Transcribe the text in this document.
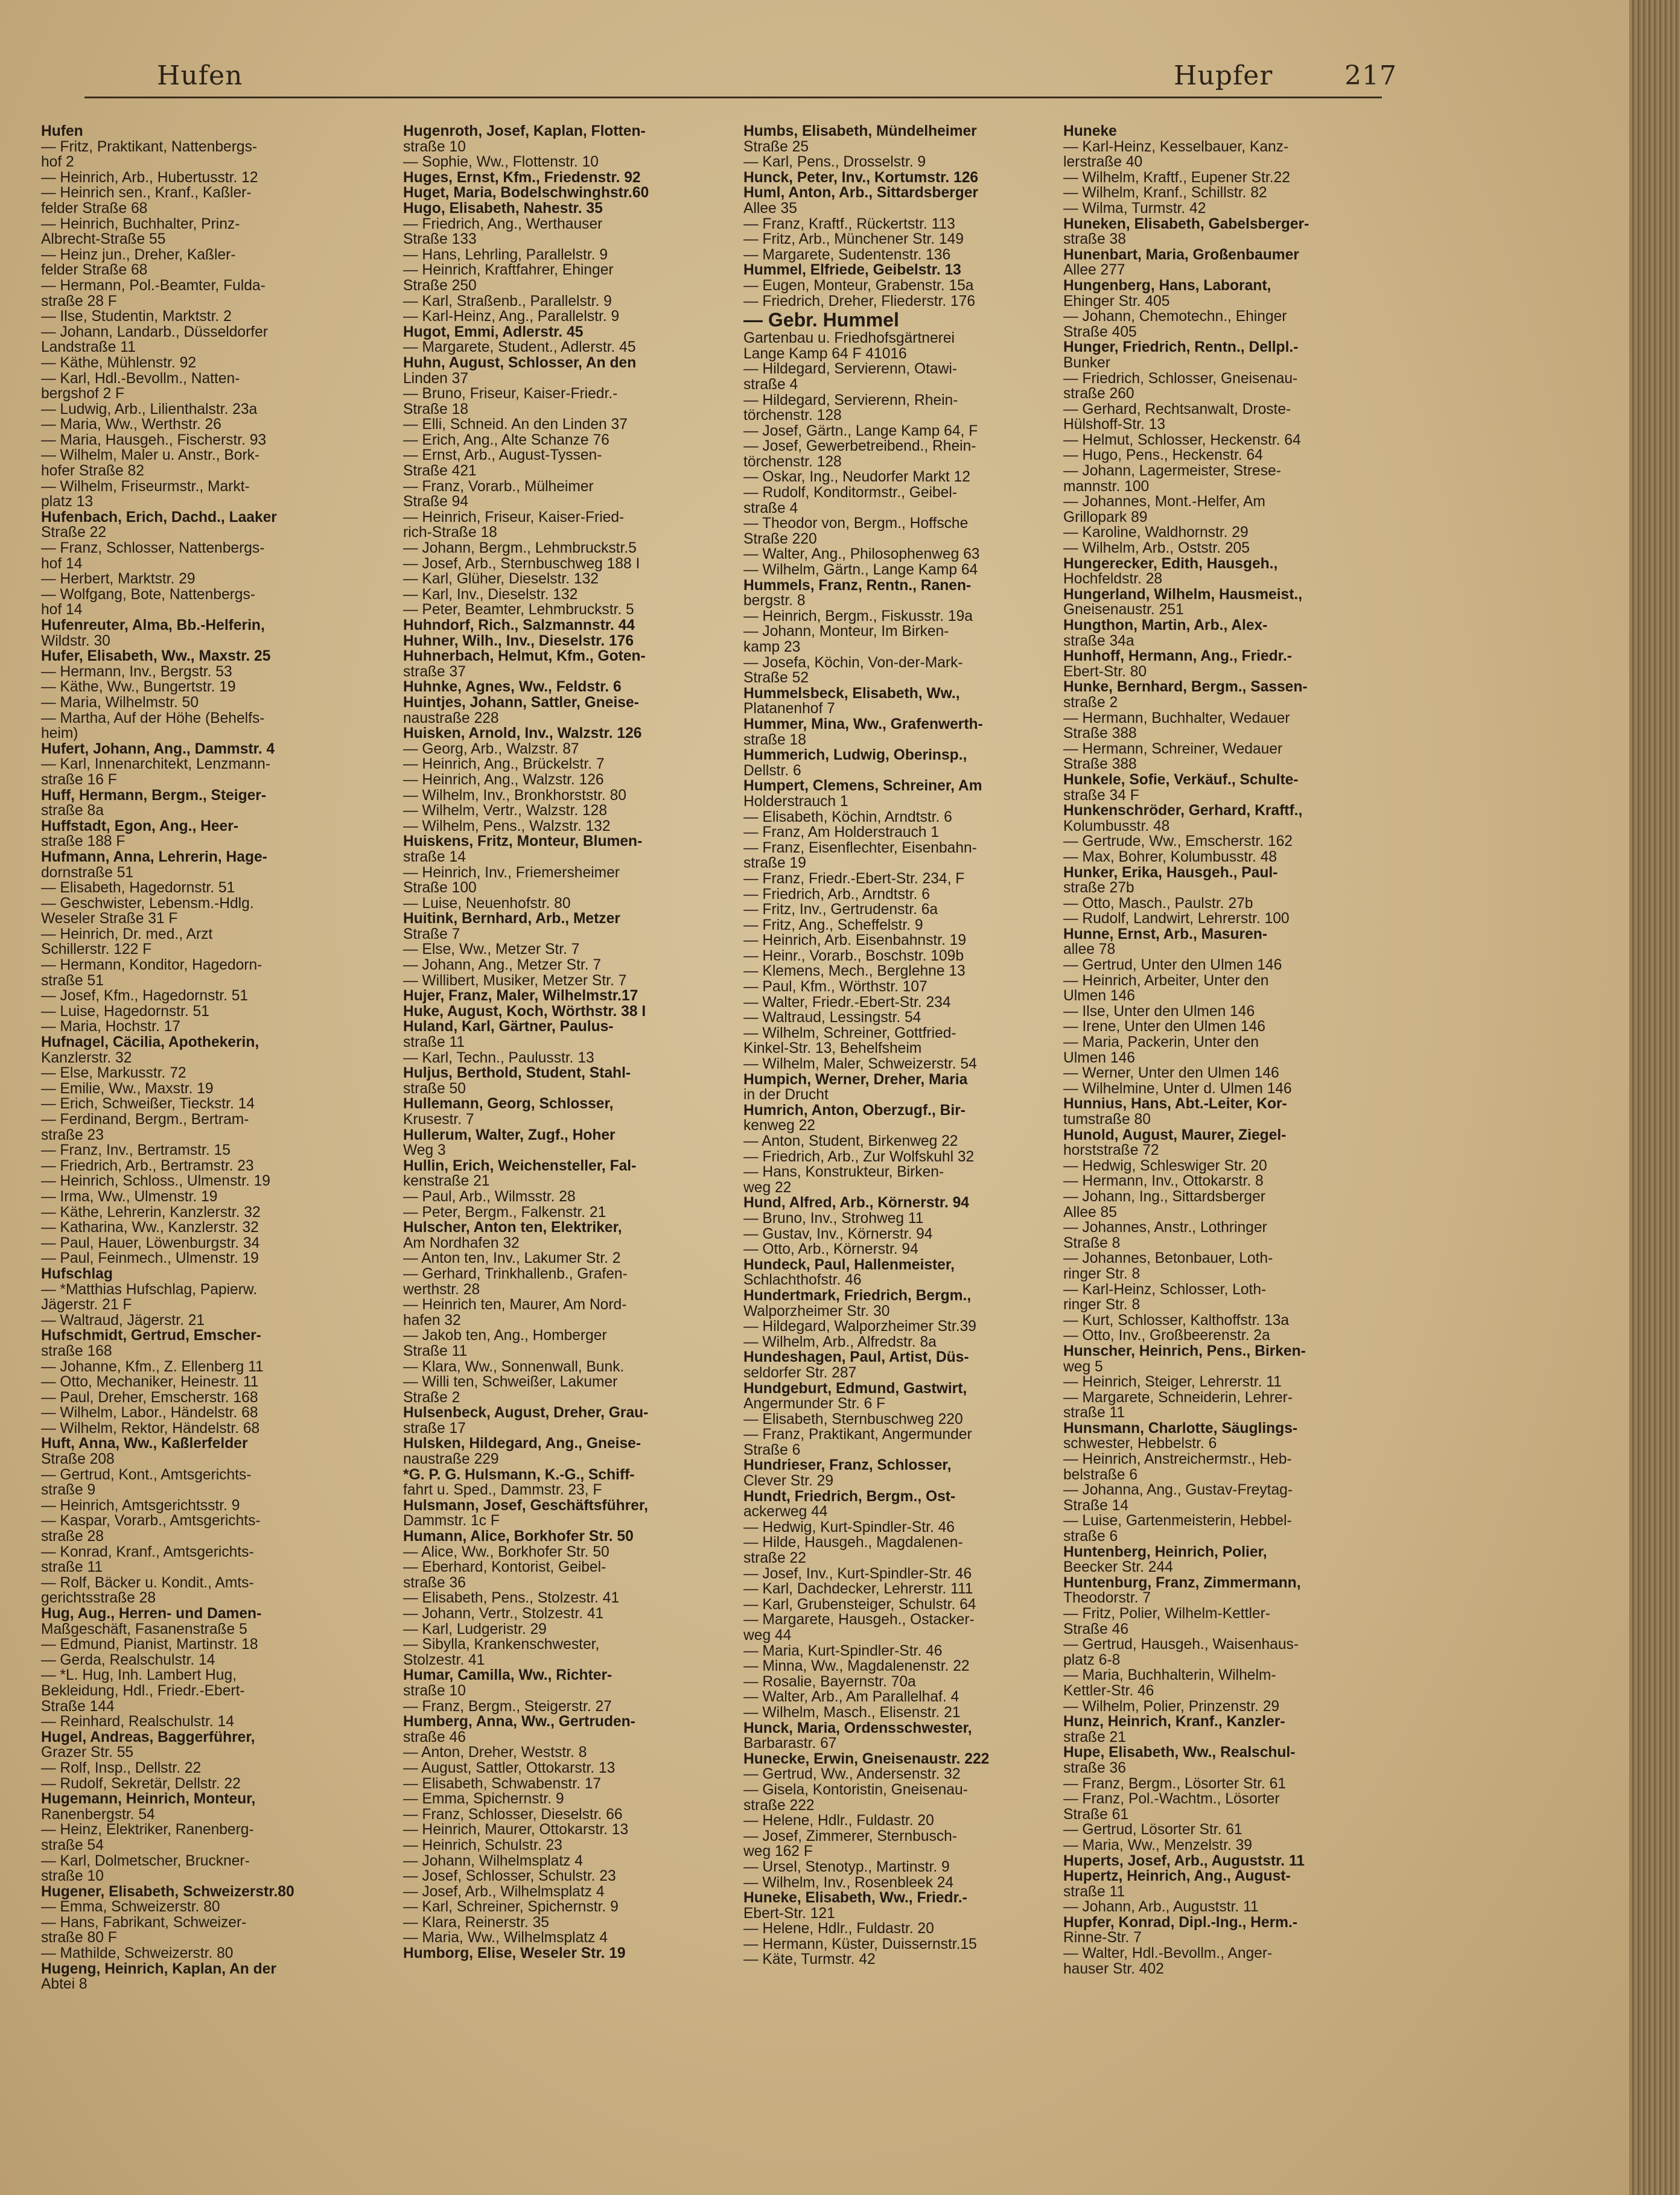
Hufen	Hupfer	217
Hufen
— Fritz, Praktikant, Nattenbergs-
hof 2
— Heinrich, Arb., Hubertusstr. 12
— Heinrich sen., Kranf., Kaßler-
felder Straße 68
— Heinrich, Buchhalter, Prinz-
Albrecht-Straße 55
— Heinz jun., Dreher, Kaßler-
felder Straße 68
— Hermann, Pol.-Beamter, Fulda-
straße 28 F
— Ilse, Studentin, Marktstr. 2
— Johann, Landarb., Düsseldorfer
Landstraße 11
— Käthe, Mühlenstr. 92
— Karl, Hdl.-Bevollm., Natten-
bergshof 2 F
— Ludwig, Arb., Lilienthalstr. 23a
— Maria, Ww., Werthstr. 26
— Maria, Hausgeh., Fischerstr. 93
— Wilhelm, Maler u. Anstr., Bork-
hofer Straße 82
— Wilhelm, Friseurmstr., Markt-
platz 13
Hufenbach, Erich, Dachd., Laaker
Straße 22
— Franz, Schlosser, Nattenbergs-
hof 14
— Herbert, Marktstr. 29
— Wolfgang, Bote, Nattenbergs-
hof 14
Hufenreuter, Alma, Bb.-Helferin,
Wildstr. 30
Hufer, Elisabeth, Ww., Maxstr. 25
— Hermann, Inv., Bergstr. 53
— Käthe, Ww., Bungertstr. 19
— Maria, Wilhelmstr. 50
— Martha, Auf der Höhe (Behelfs-
heim)
Hufert, Johann, Ang., Dammstr. 4
— Karl, Innenarchitekt, Lenzmann-
straße 16 F
Huff, Hermann, Bergm., Steiger-
straße 8a
Huffstadt, Egon, Ang., Heer-
straße 188 F
Hufmann, Anna, Lehrerin, Hage-
dornstraße 51
— Elisabeth, Hagedornstr. 51
— Geschwister, Lebensm.-Hdlg.
Weseler Straße 31 F
— Heinrich, Dr. med., Arzt
Schillerstr. 122 F
— Hermann, Konditor, Hagedorn-
straße 51
— Josef, Kfm., Hagedornstr. 51
— Luise, Hagedornstr. 51
— Maria, Hochstr. 17
Hufnagel, Cäcilia, Apothekerin,
Kanzlerstr. 32
— Else, Markusstr. 72
— Emilie, Ww., Maxstr. 19
— Erich, Schweißer, Tieckstr. 14
— Ferdinand, Bergm., Bertram-
straße 23
— Franz, Inv., Bertramstr. 15
— Friedrich, Arb., Bertramstr. 23
— Heinrich, Schloss., Ulmenstr. 19
— Irma, Ww., Ulmenstr. 19
— Käthe, Lehrerin, Kanzlerstr. 32
— Katharina, Ww., Kanzlerstr. 32
— Paul, Hauer, Löwenburgstr. 34
— Paul, Feinmech., Ulmenstr. 19
Hufschlag
— *Matthias Hufschlag, Papierw.
Jägerstr. 21 F
— Waltraud, Jägerstr. 21
Hufschmidt, Gertrud, Emscher-
straße 168
— Johanne, Kfm., Z. Ellenberg 11
— Otto, Mechaniker, Heinestr. 11
— Paul, Dreher, Emscherstr. 168
— Wilhelm, Labor., Händelstr. 68
— Wilhelm, Rektor, Händelstr. 68
Huft, Anna, Ww., Kaßlerfelder
Straße 208
— Gertrud, Kont., Amtsgerichts-
straße 9
— Heinrich, Amtsgerichtsstr. 9
— Kaspar, Vorarb., Amtsgerichts-
straße 28
— Konrad, Kranf., Amtsgerichts-
straße 11
— Rolf, Bäcker u. Kondit., Amts-
gerichtsstraße 28
Hug, Aug., Herren- und Damen-
Maßgeschäft, Fasanenstraße 5
— Edmund, Pianist, Martinstr. 18
— Gerda, Realschulstr. 14
— *L. Hug, Inh. Lambert Hug,
Bekleidung, Hdl., Friedr.-Ebert-
Straße 144
— Reinhard, Realschulstr. 14
Hugel, Andreas, Baggerführer,
Grazer Str. 55
— Rolf, Insp., Dellstr. 22
— Rudolf, Sekretär, Dellstr. 22
Hugemann, Heinrich, Monteur,
Ranenbergstr. 54
— Heinz, Elektriker, Ranenberg-
straße 54
— Karl, Dolmetscher, Bruckner-
straße 10
Hugener, Elisabeth, Schweizerstr.80
— Emma, Schweizerstr. 80
— Hans, Fabrikant, Schweizer-
straße 80 F
— Mathilde, Schweizerstr. 80
Hugeng, Heinrich, Kaplan, An der
Abtei 8
Hugenroth, Josef, Kaplan, Flotten-
straße 10
— Sophie, Ww., Flottenstr. 10
Huges, Ernst, Kfm., Friedenstr. 92
Huget, Maria, Bodelschwinghstr.60
Hugo, Elisabeth, Nahestr. 35
— Friedrich, Ang., Werthauser
Straße 133
— Hans, Lehrling, Parallelstr. 9
— Heinrich, Kraftfahrer, Ehinger
Straße 250
— Karl, Straßenb., Parallelstr. 9
— Karl-Heinz, Ang., Parallelstr. 9
Hugot, Emmi, Adlerstr. 45
— Margarete, Student., Adlerstr. 45
Huhn, August, Schlosser, An den
Linden 37
— Bruno, Friseur, Kaiser-Friedr.-
Straße 18
— Elli, Schneid. An den Linden 37
— Erich, Ang., Alte Schanze 76
— Ernst, Arb., August-Tyssen-
Straße 421
— Franz, Vorarb., Mülheimer
Straße 94
— Heinrich, Friseur, Kaiser-Fried-
rich-Straße 18
— Johann, Bergm., Lehmbruckstr.5
— Josef, Arb., Sternbuschweg 188 I
— Karl, Glüher, Dieselstr. 132
— Karl, Inv., Dieselstr. 132
— Peter, Beamter, Lehmbruckstr. 5
Huhndorf, Rich., Salzmannstr. 44
Huhner, Wilh., Inv., Dieselstr. 176
Huhnerbach, Helmut, Kfm., Goten-
straße 37
Huhnke, Agnes, Ww., Feldstr. 6
Huintjes, Johann, Sattler, Gneise-
naustraße 228
Huisken, Arnold, Inv., Walzstr. 126
— Georg, Arb., Walzstr. 87
— Heinrich, Ang., Brückelstr. 7
— Heinrich, Ang., Walzstr. 126
— Wilhelm, Inv., Bronkhorststr. 80
— Wilhelm, Vertr., Walzstr. 128
— Wilhelm, Pens., Walzstr. 132
Huiskens, Fritz, Monteur, Blumen-
straße 14
— Heinrich, Inv., Friemersheimer
Straße 100
— Luise, Neuenhofstr. 80
Huitink, Bernhard, Arb., Metzer
Straße 7
— Else, Ww., Metzer Str. 7
— Johann, Ang., Metzer Str. 7
— Willibert, Musiker, Metzer Str. 7
Hujer, Franz, Maler, Wilhelmstr.17
Huke, August, Koch, Wörthstr. 38 I
Huland, Karl, Gärtner, Paulus-
straße 11
— Karl, Techn., Paulusstr. 13
Huljus, Berthold, Student, Stahl-
straße 50
Hullemann, Georg, Schlosser,
Krusestr. 7
Hullerum, Walter, Zugf., Hoher
Weg 3
Hullin, Erich, Weichensteller, Fal-
kenstraße 21
— Paul, Arb., Wilmsstr. 28
— Peter, Bergm., Falkenstr. 21
Hulscher, Anton ten, Elektriker,
Am Nordhafen 32
— Anton ten, Inv., Lakumer Str. 2
— Gerhard, Trinkhallenb., Grafen-
werthstr. 28
— Heinrich ten, Maurer, Am Nord-
hafen 32
— Jakob ten, Ang., Homberger
Straße 11
— Klara, Ww., Sonnenwall, Bunk.
— Willi ten, Schweißer, Lakumer
Straße 2
Hulsenbeck, August, Dreher, Grau-
straße 17
Hulsken, Hildegard, Ang., Gneise-
naustraße 229
*G. P. G. Hulsmann, K.-G., Schiff-
fahrt u. Sped., Dammstr. 23, F
Hulsmann, Josef, Geschäftsführer,
Dammstr. 1c F
Humann, Alice, Borkhofer Str. 50
— Alice, Ww., Borkhofer Str. 50
— Eberhard, Kontorist, Geibel-
straße 36
— Elisabeth, Pens., Stolzestr. 41
— Johann, Vertr., Stolzestr. 41
— Karl, Ludgeristr. 29
— Sibylla, Krankenschwester,
Stolzestr. 41
Humar, Camilla, Ww., Richter-
straße 10
— Franz, Bergm., Steigerstr. 27
Humberg, Anna, Ww., Gertruden-
straße 46
— Anton, Dreher, Weststr. 8
— August, Sattler, Ottokarstr. 13
— Elisabeth, Schwabenstr. 17
— Emma, Spichernstr. 9
— Franz, Schlosser, Dieselstr. 66
— Heinrich, Maurer, Ottokarstr. 13
— Heinrich, Schulstr. 23
— Johann, Wilhelmsplatz 4
— Josef, Schlosser, Schulstr. 23
— Josef, Arb., Wilhelmsplatz 4
— Karl, Schreiner, Spichernstr. 9
— Klara, Reinerstr. 35
— Maria, Ww., Wilhelmsplatz 4
Humborg, Elise, Weseler Str. 19
Humbs, Elisabeth, Mündelheimer
Straße 25
— Karl, Pens., Drosselstr. 9
Hunck, Peter, Inv., Kortumstr. 126
Huml, Anton, Arb., Sittardsberger
Allee 35
— Franz, Kraftf., Rückertstr. 113
— Fritz, Arb., Münchener Str. 149
— Margarete, Sudentenstr. 136
Hummel, Elfriede, Geibelstr. 13
— Eugen, Monteur, Grabenstr. 15a
— Friedrich, Dreher, Fliederstr. 176
— Gebr. Hummel
Gartenbau u. Friedhofsgärtnerei
Lange Kamp 64 F 41016
— Hildegard, Servierenn, Otawi-
straße 4
— Hildegard, Servierenn, Rhein-
törchenstr. 128
— Josef, Gärtn., Lange Kamp 64, F
— Josef, Gewerbetreibend., Rhein-
törchenstr. 128
— Oskar, Ing., Neudorfer Markt 12
— Rudolf, Konditormstr., Geibel-
straße 4
— Theodor von, Bergm., Hoffsche
Straße 220
— Walter, Ang., Philosophenweg 63
— Wilhelm, Gärtn., Lange Kamp 64
Hummels, Franz, Rentn., Ranen-
bergstr. 8
— Heinrich, Bergm., Fiskusstr. 19a
— Johann, Monteur, Im Birken-
kamp 23
— Josefa, Köchin, Von-der-Mark-
Straße 52
Hummelsbeck, Elisabeth, Ww.,
Platanenhof 7
Hummer, Mina, Ww., Grafenwerth-
straße 18
Hummerich, Ludwig, Oberinsp.,
Dellstr. 6
Humpert, Clemens, Schreiner, Am
Holderstrauch 1
— Elisabeth, Köchin, Arndtstr. 6
— Franz, Am Holderstrauch 1
— Franz, Eisenflechter, Eisenbahn-
straße 19
— Franz, Friedr.-Ebert-Str. 234, F
— Friedrich, Arb., Arndtstr. 6
— Fritz, Inv., Gertrudenstr. 6a
— Fritz, Ang., Scheffelstr. 9
— Heinrich, Arb. Eisenbahnstr. 19
— Heinr., Vorarb., Boschstr. 109b
— Klemens, Mech., Berglehne 13
— Paul, Kfm., Wörthstr. 107
— Walter, Friedr.-Ebert-Str. 234
— Waltraud, Lessingstr. 54
— Wilhelm, Schreiner, Gottfried-
Kinkel-Str. 13, Behelfsheim
— Wilhelm, Maler, Schweizerstr. 54
Humpich, Werner, Dreher, Maria
in der Drucht
Humrich, Anton, Oberzugf., Bir-
kenweg 22
— Anton, Student, Birkenweg 22
— Friedrich, Arb., Zur Wolfskuhl 32
— Hans, Konstrukteur, Birken-
weg 22
Hund, Alfred, Arb., Körnerstr. 94
— Bruno, Inv., Strohweg 11
— Gustav, Inv., Körnerstr. 94
— Otto, Arb., Körnerstr. 94
Hundeck, Paul, Hallenmeister,
Schlachthofstr. 46
Hundertmark, Friedrich, Bergm.,
Walporzheimer Str. 30
— Hildegard, Walporzheimer Str.39
— Wilhelm, Arb., Alfredstr. 8a
Hundeshagen, Paul, Artist, Düs-
seldorfer Str. 287
Hundgeburt, Edmund, Gastwirt,
Angermunder Str. 6 F
— Elisabeth, Sternbuschweg 220
— Franz, Praktikant, Angermunder
Straße 6
Hundrieser, Franz, Schlosser,
Clever Str. 29
Hundt, Friedrich, Bergm., Ost-
ackerweg 44
— Hedwig, Kurt-Spindler-Str. 46
— Hilde, Hausgeh., Magdalenen-
straße 22
— Josef, Inv., Kurt-Spindler-Str. 46
— Karl, Dachdecker, Lehrerstr. 111
— Karl, Grubensteiger, Schulstr. 64
— Margarete, Hausgeh., Ostacker-
weg 44
— Maria, Kurt-Spindler-Str. 46
— Minna, Ww., Magdalenenstr. 22
— Rosalie, Bayernstr. 70a
— Walter, Arb., Am Parallelhaf. 4
— Wilhelm, Masch., Elisenstr. 21
Hunck, Maria, Ordensschwester,
Barbarastr. 67
Hunecke, Erwin, Gneisenaustr. 222
— Gertrud, Ww., Andersenstr. 32
— Gisela, Kontoristin, Gneisenau-
straße 222
— Helene, Hdlr., Fuldastr. 20
— Josef, Zimmerer, Sternbusch-
weg 162 F
— Ursel, Stenotyp., Martinstr. 9
— Wilhelm, Inv., Rosenbleek 24
Huneke, Elisabeth, Ww., Friedr.-
Ebert-Str. 121
— Helene, Hdlr., Fuldastr. 20
— Hermann, Küster, Duissernstr.15
— Käte, Turmstr. 42
Huneke
— Karl-Heinz, Kesselbauer, Kanz-
lerstraße 40
— Wilhelm, Kraftf., Eupener Str.22
— Wilhelm, Kranf., Schillstr. 82
— Wilma, Turmstr. 42
Huneken, Elisabeth, Gabelsberger-
straße 38
Hunenbart, Maria, Großenbaumer
Allee 277
Hungenberg, Hans, Laborant,
Ehinger Str. 405
— Johann, Chemotechn., Ehinger
Straße 405
Hunger, Friedrich, Rentn., Dellpl.-
Bunker
— Friedrich, Schlosser, Gneisenau-
straße 260
— Gerhard, Rechtsanwalt, Droste-
Hülshoff-Str. 13
— Helmut, Schlosser, Heckenstr. 64
— Hugo, Pens., Heckenstr. 64
— Johann, Lagermeister, Strese-
mannstr. 100
— Johannes, Mont.-Helfer, Am
Grillopark 89
— Karoline, Waldhornstr. 29
— Wilhelm, Arb., Oststr. 205
Hungerecker, Edith, Hausgeh.,
Hochfeldstr. 28
Hungerland, Wilhelm, Hausmeist.,
Gneisenaustr. 251
Hungthon, Martin, Arb., Alex-
straße 34a
Hunhoff, Hermann, Ang., Friedr.-
Ebert-Str. 80
Hunke, Bernhard, Bergm., Sassen-
straße 2
— Hermann, Buchhalter, Wedauer
Straße 388
— Hermann, Schreiner, Wedauer
Straße 388
Hunkele, Sofie, Verkäuf., Schulte-
straße 34 F
Hunkenschröder, Gerhard, Kraftf.,
Kolumbusstr. 48
— Gertrude, Ww., Emscherstr. 162
— Max, Bohrer, Kolumbusstr. 48
Hunker, Erika, Hausgeh., Paul-
straße 27b
— Otto, Masch., Paulstr. 27b
— Rudolf, Landwirt, Lehrerstr. 100
Hunne, Ernst, Arb., Masuren-
allee 78
— Gertrud, Unter den Ulmen 146
— Heinrich, Arbeiter, Unter den
Ulmen 146
— Ilse, Unter den Ulmen 146
— Irene, Unter den Ulmen 146
— Maria, Packerin, Unter den
Ulmen 146
— Werner, Unter den Ulmen 146
— Wilhelmine, Unter d. Ulmen 146
Hunnius, Hans, Abt.-Leiter, Kor-
tumstraße 80
Hunold, August, Maurer, Ziegel-
horststraße 72
— Hedwig, Schleswiger Str. 20
— Hermann, Inv., Ottokarstr. 8
— Johann, Ing., Sittardsberger
Allee 85
— Johannes, Anstr., Lothringer
Straße 8
— Johannes, Betonbauer, Loth-
ringer Str. 8
— Karl-Heinz, Schlosser, Loth-
ringer Str. 8
— Kurt, Schlosser, Kalthoffstr. 13a
— Otto, Inv., Großbeerenstr. 2a
Hunscher, Heinrich, Pens., Birken-
weg 5
— Heinrich, Steiger, Lehrerstr. 11
— Margarete, Schneiderin, Lehrer-
straße 11
Hunsmann, Charlotte, Säuglings-
schwester, Hebbelstr. 6
— Heinrich, Anstreichermstr., Heb-
belstraße 6
— Johanna, Ang., Gustav-Freytag-
Straße 14
— Luise, Gartenmeisterin, Hebbel-
straße 6
Huntenberg, Heinrich, Polier,
Beecker Str. 244
Huntenburg, Franz, Zimmermann,
Theodorstr. 7
— Fritz, Polier, Wilhelm-Kettler-
Straße 46
— Gertrud, Hausgeh., Waisenhaus-
platz 6-8
— Maria, Buchhalterin, Wilhelm-
Kettler-Str. 46
— Wilhelm, Polier, Prinzenstr. 29
Hunz, Heinrich, Kranf., Kanzler-
straße 21
Hupe, Elisabeth, Ww., Realschul-
straße 36
— Franz, Bergm., Lösorter Str. 61
— Franz, Pol.-Wachtm., Lösorter
Straße 61
— Gertrud, Lösorter Str. 61
— Maria, Ww., Menzelstr. 39
Huperts, Josef, Arb., Auguststr. 11
Hupertz, Heinrich, Ang., August-
straße 11
— Johann, Arb., Auguststr. 11
Hupfer, Konrad, Dipl.-Ing., Herm.-
Rinne-Str. 7
— Walter, Hdl.-Bevollm., Anger-
hauser Str. 402
